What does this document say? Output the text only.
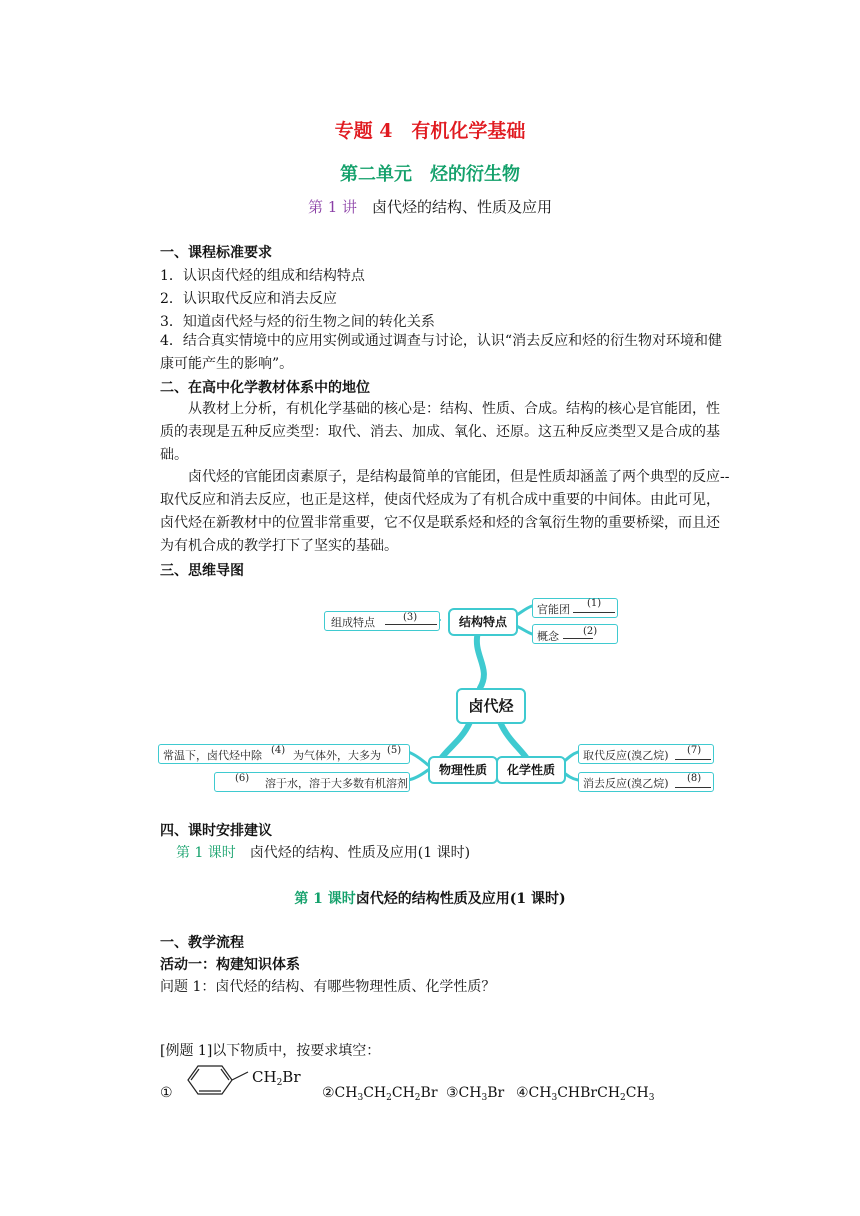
专题 4　有机化学基础
第二单元　烃的衍生物
第 1 讲　 卤代烃的结构、性质及应用
一、课程标准要求
1．认识卤代烃的组成和结构特点
2．认识取代反应和消去反应
3．知道卤代烃与烃的衍生物之间的转化关系
4．结合真实情境中的应用实例或通过调查与讨论，认识“消去反应和烃的衍生物对环境和健康可能产生的影响”。
二、在高中化学教材体系中的地位
从教材上分析，有机化学基础的核心是：结构、性质、合成。结构的核心是官能团，性质的表现是五种反应类型：取代、消去、加成、氧化、还原。这五种反应类型又是合成的基础。
卤代烃的官能团卤素原子，是结构最简单的官能团，但是性质却涵盖了两个典型的反应--取代反应和消去反应，也正是这样，使卤代烃成为了有机合成中重要的中间体。由此可见，卤代烃在新教材中的位置非常重要，它不仅是联系烃和烃的含氧衍生物的重要桥梁，而且还为有机合成的教学打下了坚实的基础。
三、思维导图
结构特点
组成特点	(3)
官能团 (1)
概念 (2)
卤代烃
物理性质	化学性质
常温下，卤代烃中除 (4) 为气体外，大多为 (5)
(6) 溶于水，溶于大多数有机溶剂
取代反应(溴乙烷) (7)
消去反应(溴乙烷) (8)
四、课时安排建议
第 1 课时　 卤代烃的结构、性质及应用(1 课时)
第 1 课时卤代烃的结构性质及应用(1 课时)
一、教学流程
活动一：构建知识体系
问题 1：卤代烃的结构、有哪些物理性质、化学性质？
[例题 1]以下物质中，按要求填空：
①
$CH_2Br$
$②CH_3CH_2CH_2Br$ $③CH_3Br$ $④CH_3CHBrCH_2CH_3$
